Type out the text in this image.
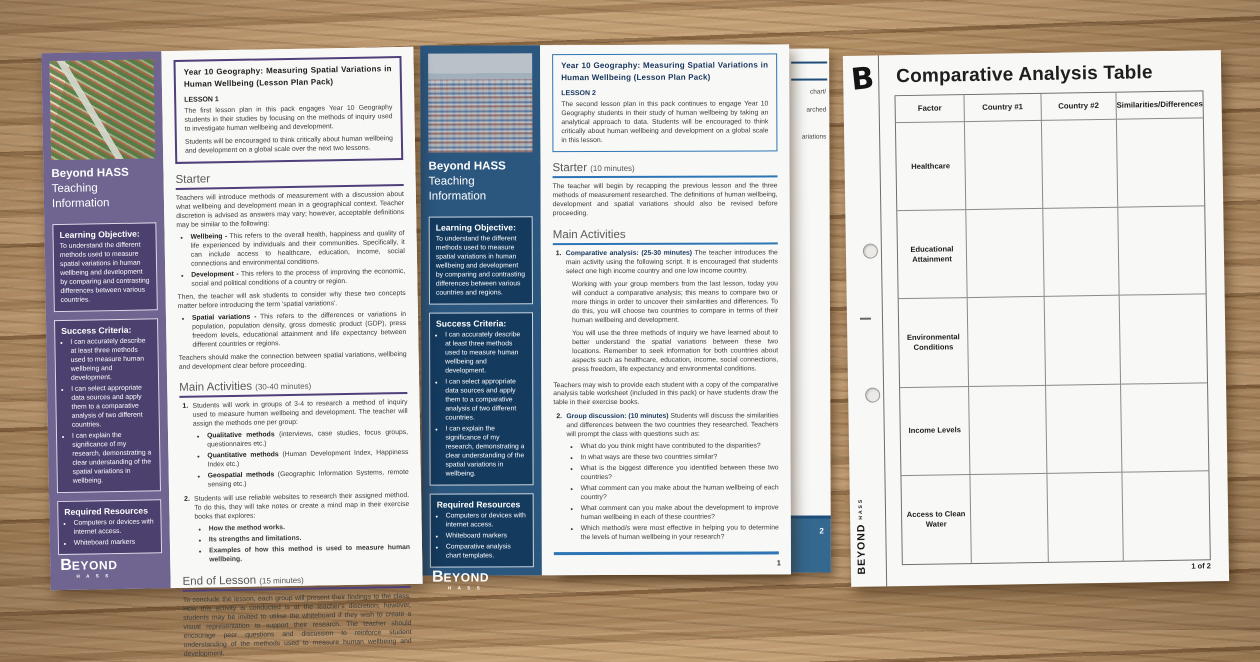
Beyond HASS
Teaching Information
Learning Objective:
To understand the different methods used to measure spatial variations in human wellbeing and development by comparing and contrasting differences between various countries.
Success Criteria:
• I can accurately describe at least three methods used to measure human wellbeing and development.
• I can select appropriate data sources and apply them to a comparative analysis of two different countries.
• I can explain the significance of my research, demonstrating a clear understanding of the spatial variations in wellbeing.
Required Resources
• Computers or devices with internet access.
• Whiteboard markers
BEYOND
H A S S
Year 10 Geography: Measuring Spatial Variations in Human Wellbeing (Lesson Plan Pack)
LESSON 1
The first lesson plan in this pack engages Year 10 Geography students in their studies by focusing on the methods of inquiry used to investigate human wellbeing and development.
Students will be encouraged to think critically about human wellbeing and development on a global scale over the next two lessons.
Starter
Teachers will introduce methods of measurement with a discussion about what wellbeing and development mean in a geographical context. Teacher discretion is advised as answers may vary; however, acceptable definitions may be similar to the following:
• Wellbeing - This refers to the overall health, happiness and quality of life experienced by individuals and their communities. Specifically, it can include access to healthcare, education, income, social connections and environmental conditions.
• Development - This refers to the process of improving the economic, social and political conditions of a country or region.
Then, the teacher will ask students to consider why these two concepts matter before introducing the term 'spatial variations'.
• Spatial variations - This refers to the differences or variations in population, population density, gross domestic product (GDP), press freedom levels, educational attainment and life expectancy between different countries or regions.
Teachers should make the connection between spatial variations, wellbeing and development clear before proceeding.
Main Activities (30-40 minutes)
1. Students will work in groups of 3-4 to research a method of inquiry used to measure human wellbeing and development. The teacher will assign the methods one per group:
• Qualitative methods (interviews, case studies, focus groups, questionnaires etc.)
• Quantitative methods (Human Development Index, Happiness Index etc.)
• Geospatial methods (Geographic Information Systems, remote sensing etc.)
2. Students will use reliable websites to research their assigned method. To do this, they will take notes or create a mind map in their exercise books that explores:
• How the method works.
• Its strengths and limitations.
• Examples of how this method is used to measure human wellbeing.
End of Lesson (15 minutes)
To conclude the lesson, each group will present their findings to the class. How this activity is conducted is at the teacher's discretion; however, students may be invited to utilise the whiteboard if they wish to create a visual representation to support their research. The teacher should encourage peer questions and discussion to reinforce student understanding of the methods used to measure human wellbeing and development.
chart/
arched
ariations
2
Beyond HASS
Teaching Information
Learning Objective:
To understand the different methods used to measure spatial variations in human wellbeing and development by comparing and contrasting differences between various countries and regions.
Success Criteria:
• I can accurately describe at least three methods used to measure human wellbeing and development.
• I can select appropriate data sources and apply them to a comparative analysis of two different countries.
• I can explain the significance of my research, demonstrating a clear understanding of the spatial variations in wellbeing.
Required Resources
• Computers or devices with internet access.
• Whiteboard markers
• Comparative analysis chart templates.
BEYOND
H A S S
Year 10 Geography: Measuring Spatial Variations in Human Wellbeing (Lesson Plan Pack)
LESSON 2
The second lesson plan in this pack continues to engage Year 10 Geography students in their study of human wellbeing by taking an analytical approach to data. Students will be encouraged to think critically about human wellbeing and development on a global scale in this lesson.
Starter (10 minutes)
The teacher will begin by recapping the previous lesson and the three methods of measurement researched. The definitions of human wellbeing, development and spatial variations should also be revised before proceeding.
Main Activities
1. Comparative analysis: (25-30 minutes) The teacher introduces the main activity using the following script. It is encouraged that students select one high income country and one low income country.
Working with your group members from the last lesson, today you will conduct a comparative analysis; this means to compare two or more things in order to uncover their similarities and differences. To do this, you will choose two countries to compare in terms of their human wellbeing and development.
You will use the three methods of inquiry we have learned about to better understand the spatial variations between these two locations. Remember to seek information for both countries about aspects such as healthcare, education, income, social connections, press freedom, life expectancy and environmental conditions.
Teachers may wish to provide each student with a copy of the comparative analysis table worksheet (included in this pack) or have students draw the table in their exercise books.
2. Group discussion: (10 minutes) Students will discuss the similarities and differences between the two countries they researched. Teachers will prompt the class with questions such as:
• What do you think might have contributed to the disparities?
• In what ways are these two countries similar?
• What is the biggest difference you identified between these two countries?
• What comment can you make about the human wellbeing of each country?
• What comment can you make about the development to improve human wellbeing in each of these countries?
• Which method/s were most effective in helping you to determine the levels of human wellbeing in your research?
1
B Comparative Analysis Table
Factor	Country #1	Country #2	Similarities/Differences
Healthcare
Educational Attainment
Environmental Conditions
Income Levels
Access to Clean Water
BEYOND HASS
1 of 2
